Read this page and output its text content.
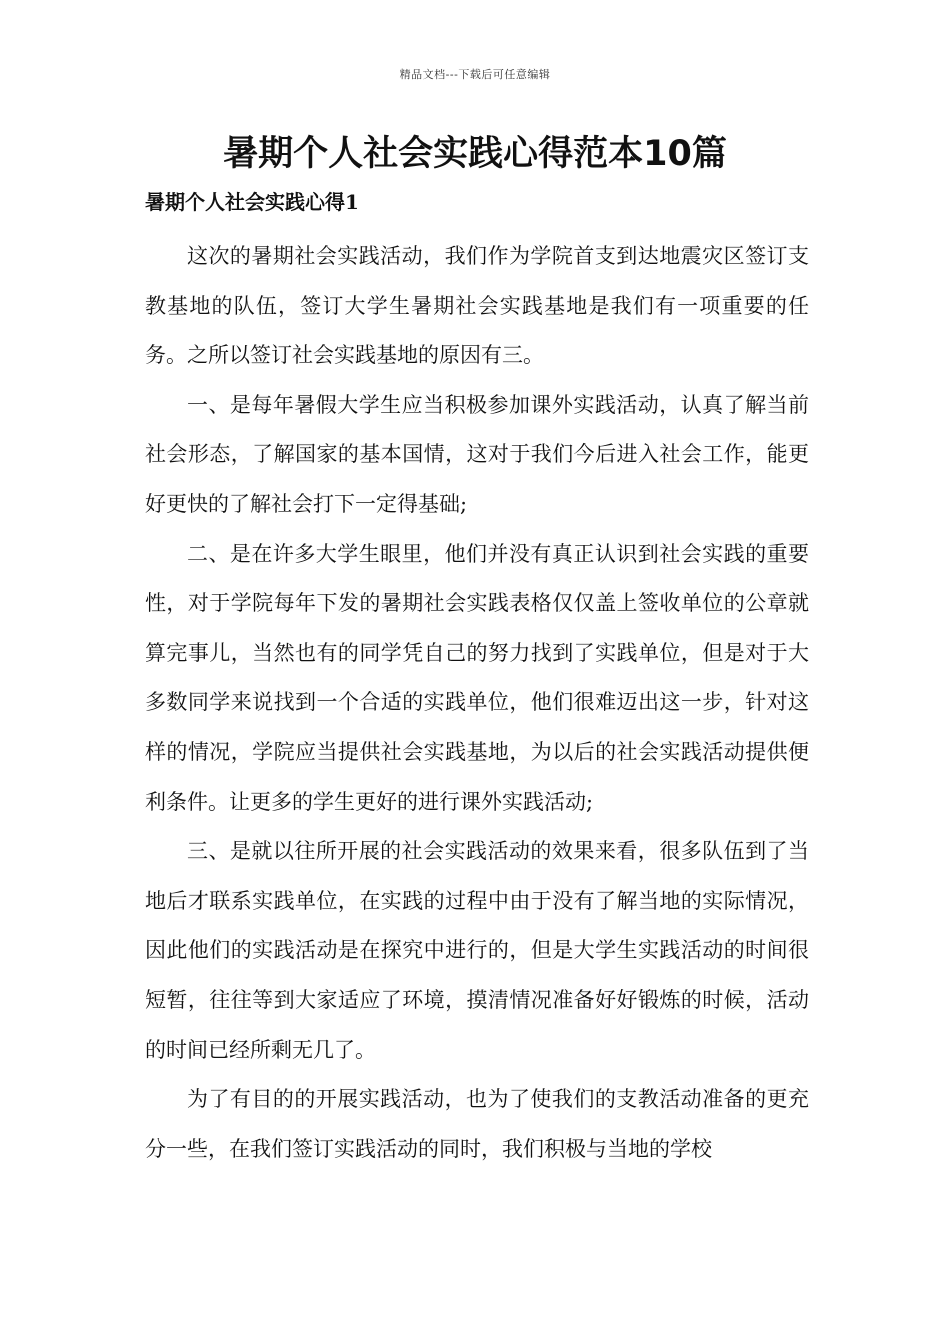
精品文档---下载后可任意编辑
暑期个人社会实践心得范本10篇
暑期个人社会实践心得1

这次的暑期社会实践活动，我们作为学院首支到达地震灾区签订支教基地的队伍，签订大学生暑期社会实践基地是我们有一项重要的任务。之所以签订社会实践基地的原因有三。

一、是每年暑假大学生应当积极参加课外实践活动，认真了解当前社会形态，了解国家的基本国情，这对于我们今后进入社会工作，能更好更快的了解社会打下一定得基础;

二、是在许多大学生眼里，他们并没有真正认识到社会实践的重要性，对于学院每年下发的暑期社会实践表格仅仅盖上签收单位的公章就算完事儿，当然也有的同学凭自己的努力找到了实践单位，但是对于大多数同学来说找到一个合适的实践单位，他们很难迈出这一步，针对这样的情况，学院应当提供社会实践基地，为以后的社会实践活动提供便利条件。让更多的学生更好的进行课外实践活动;

三、是就以往所开展的社会实践活动的效果来看，很多队伍到了当地后才联系实践单位，在实践的过程中由于没有了解当地的实际情况，因此他们的实践活动是在探究中进行的，但是大学生实践活动的时间很短暂，往往等到大家适应了环境，摸清情况准备好好锻炼的时候，活动的时间已经所剩无几了。

为了有目的的开展实践活动，也为了使我们的支教活动准备的更充分一些，在我们签订实践活动的同时，我们积极与当地的学校
